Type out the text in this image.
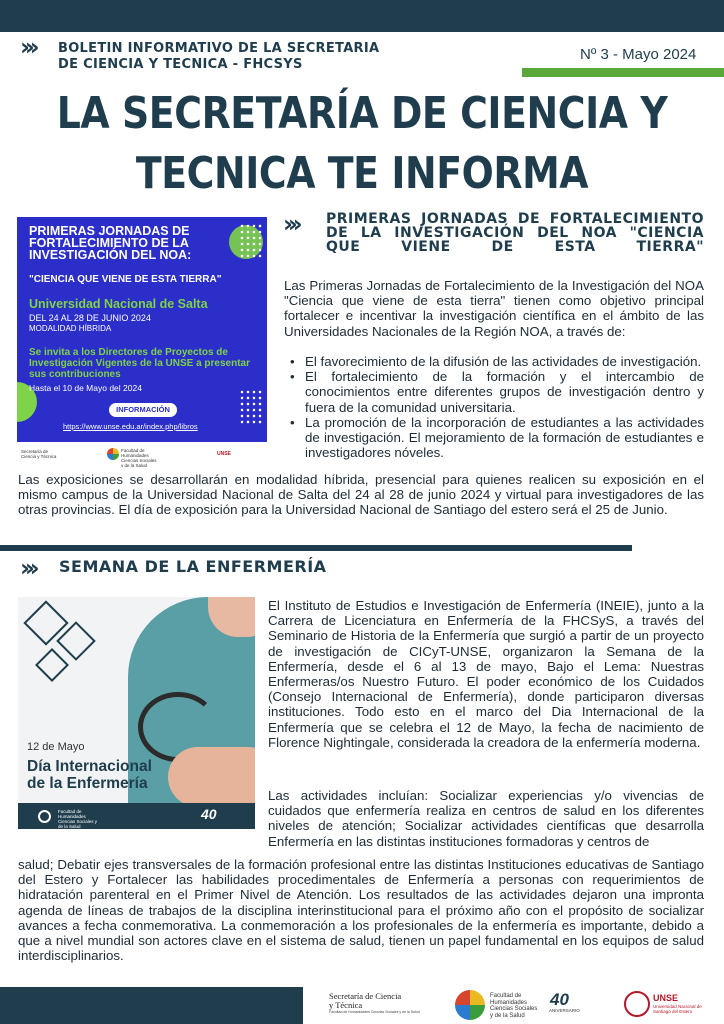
››› BOLETIN INFORMATIVO DE LA SECRETARIA
DE CIENCIA Y TECNICA - FHCSYS
Nº 3 - Mayo 2024
LA SECRETARÍA DE CIENCIA Y
TECNICA TE INFORMA
PRIMERAS JORNADAS DE FORTALECIMIENTO DE LA INVESTIGACIÓN DEL NOA:
"CIENCIA QUE VIENE DE ESTA TIERRA"
Universidad Nacional de Salta
DEL 24 AL 28 DE JUNIO 2024
MODALIDAD HÍBRIDA
Se invita a los Directores de Proyectos de Investigación Vigentes de la UNSE a presentar sus contribuciones
Hasta el 10 de Mayo del 2024
INFORMACIÓN
https://www.unse.edu.ar/index.php/libros
Secretaría de Ciencia y Técnica
Facultad de Humanidades Ciencias Sociales y de la Salud
UNSE
››› PRIMERAS JORNADAS DE FORTALECIMIENTO DE LA INVESTIGACIÓN DEL NOA "CIENCIA QUE VIENE DE ESTA TIERRA"
Las Primeras Jornadas de Fortalecimiento de la Investigación del NOA "Ciencia que viene de esta tierra" tienen como objetivo principal fortalecer e incentivar la investigación científica en el ámbito de las Universidades Nacionales de la Región NOA, a través de:
• El favorecimiento de la difusión de las actividades de investigación.
• El fortalecimiento de la formación y el intercambio de conocimientos entre diferentes grupos de investigación dentro y fuera de la comunidad universitaria.
• La promoción de la incorporación de estudiantes a las actividades de investigación. El mejoramiento de la formación de estudiantes e investigadores nóveles.
Las exposiciones se desarrollarán en modalidad híbrida, presencial para quienes realicen su exposición en el mismo campus de la Universidad Nacional de Salta del 24 al 28 de junio 2024 y virtual para investigadores de las otras provincias. El día de exposición para la Universidad Nacional de Santiago del estero será el 25 de Junio.
››› SEMANA DE LA ENFERMERÍA
12 de Mayo
Día Internacional
de la Enfermería
Facultad de Humanidades Ciencias Sociales y de la Salud
40
El Instituto de Estudios e Investigación de Enfermería (INEIE), junto a la Carrera de Licenciatura en Enfermería de la FHCSyS, a través del Seminario de Historia de la Enfermería que surgió a partir de un proyecto de investigación de CICyT-UNSE, organizaron la Semana de la Enfermería, desde el 6 al 13 de mayo, Bajo el Lema: Nuestras Enfermeras/os Nuestro Futuro. El poder económico de los Cuidados (Consejo Internacional de Enfermería), donde participaron diversas instituciones. Todo esto en el marco del Dia Internacional de la Enfermería que se celebra el 12 de Mayo, la fecha de nacimiento de Florence Nightingale, considerada la creadora de la enfermería moderna.
Las actividades incluían: Socializar experiencias y/o vivencias de cuidados que enfermería realiza en centros de salud en los diferentes niveles de atención; Socializar actividades científicas que desarrolla Enfermería en las distintas instituciones formadoras y centros de
salud; Debatir ejes transversales de la formación profesional entre las distintas Instituciones educativas de Santiago del Estero y Fortalecer las habilidades procedimentales de Enfermería a personas con requerimientos de hidratación parenteral en el Primer Nivel de Atención. Los resultados de las actividades dejaron una impronta agenda de líneas de trabajos de la disciplina interinstitucional para el próximo año con el propósito de socializar avances a fecha conmemorativa. La conmemoración a los profesionales de la enfermería es importante, debido a que a nivel mundial son actores clave en el sistema de salud, tienen un papel fundamental en los equipos de salud interdisciplinarios.
Secretaría de Ciencia
y Técnica
Facultad de Humanidades Ciencias Sociales y de la Salud
Facultad de
Humanidades
Ciencias Sociales
y de la Salud
40
ANIVERSARIO
UNSE
Universidad Nacional de Santiago del Estero
